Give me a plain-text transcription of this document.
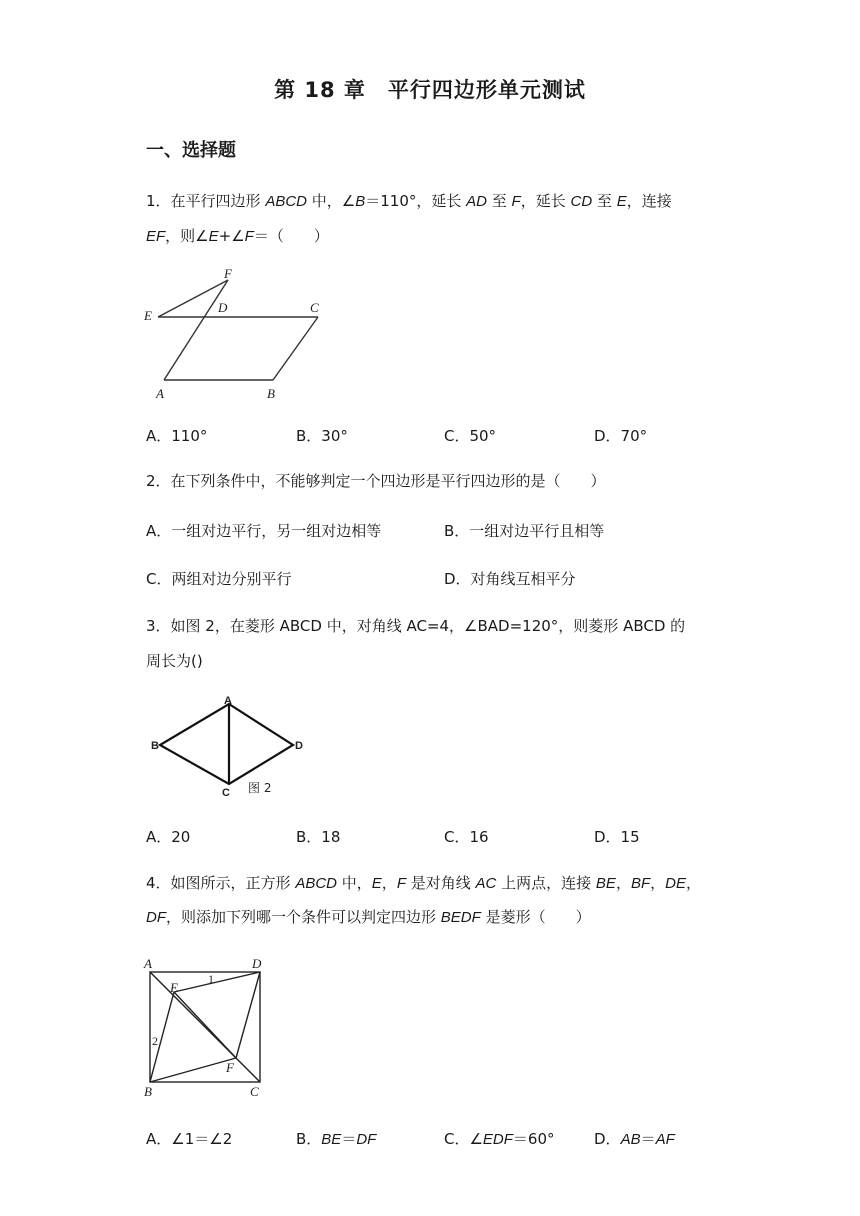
第 18 章　平行四边形单元测试
一、选择题
1．在平行四边形 ABCD 中，∠B＝110°，延长 AD 至 F，延长 CD 至 E，连接
EF，则∠E+∠F＝（　　）
F
D	C
E
A	B
A．110°	B．30°	C．50°	D．70°
2．在下列条件中，不能够判定一个四边形是平行四边形的是（　　）
A．一组对边平行，另一组对边相等	B．一组对边平行且相等
C．两组对边分别平行	D．对角线互相平分
3．如图 2，在菱形 ABCD 中，对角线 AC=4，∠BAD=120°，则菱形 ABCD 的
周长为()
A
B	D
C 图 2
A．20	B．18	C．16	D．15
4．如图所示，正方形 ABCD 中，E，F 是对角线 AC 上两点，连接 BE，BF，DE，
DF，则添加下列哪一个条件可以判定四边形 BEDF 是菱形（　　）
A	D
E
F
B	C
1
2
A．∠1＝∠2	B．BE＝DF	C．∠EDF＝60°	D．AB＝AF
